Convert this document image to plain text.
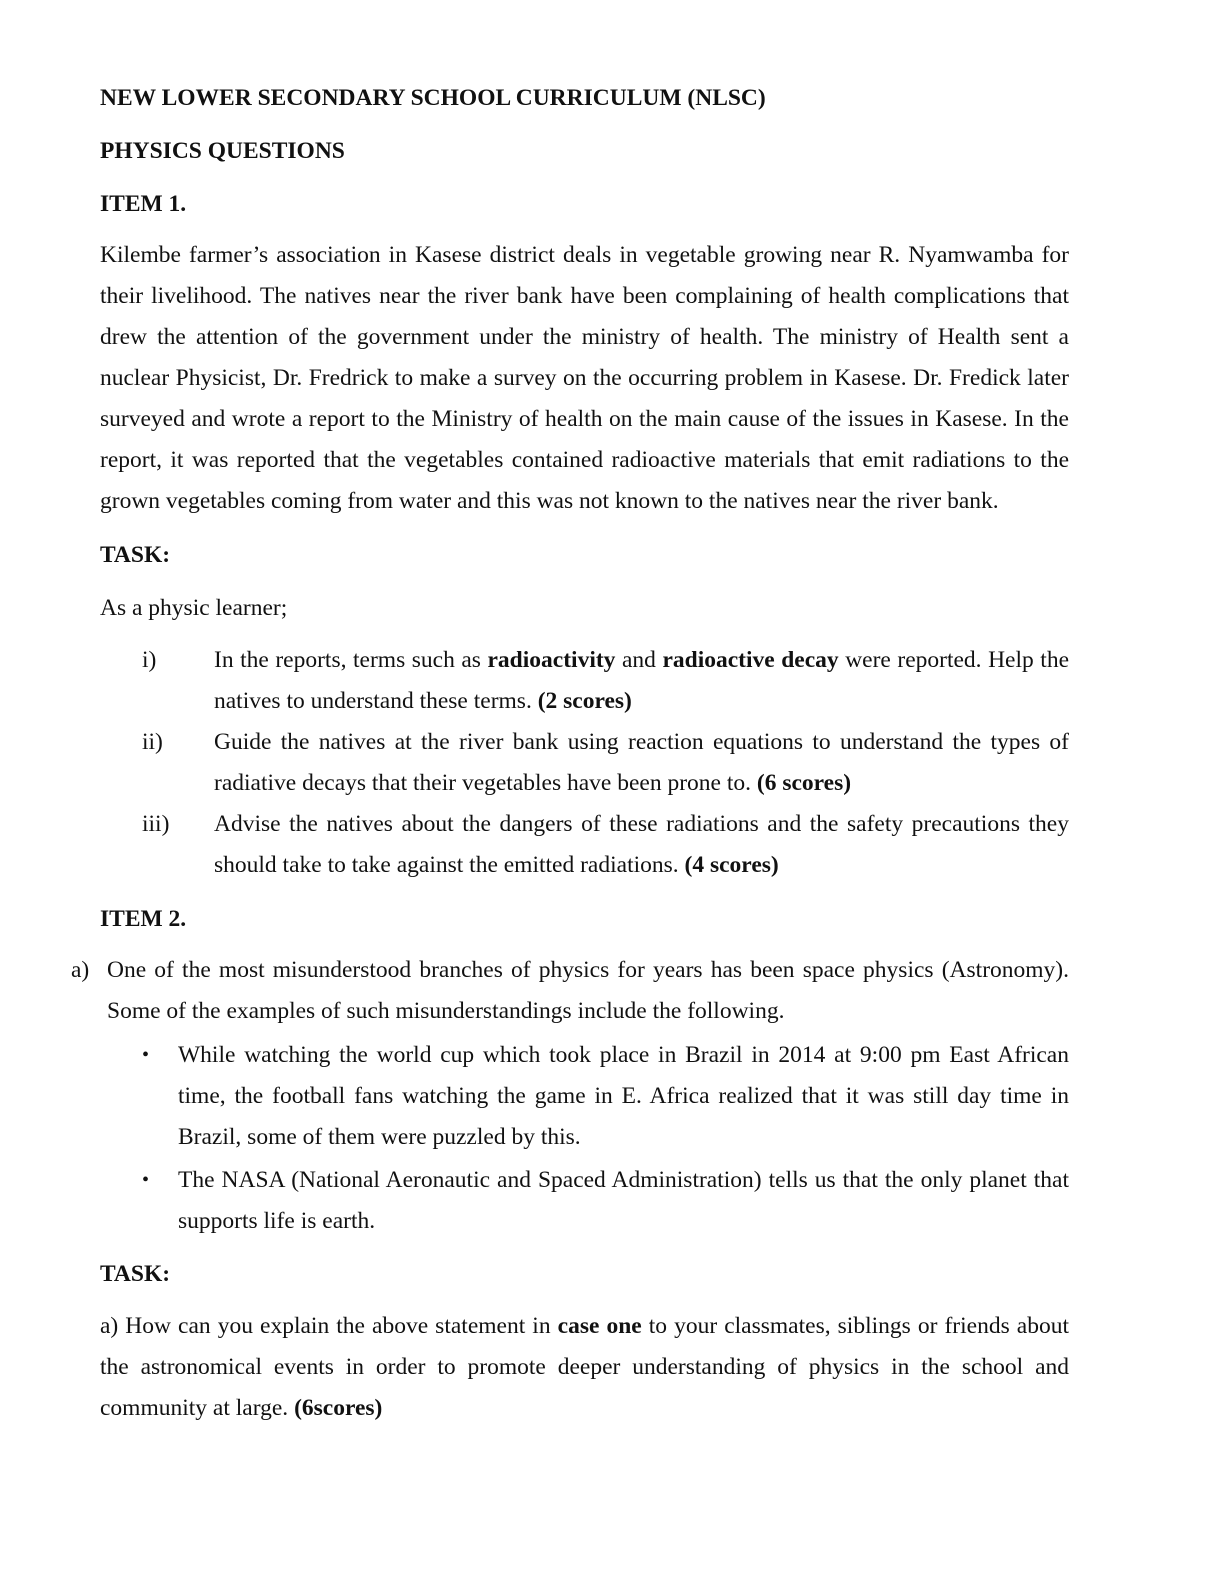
NEW LOWER SECONDARY SCHOOL CURRICULUM (NLSC)
PHYSICS QUESTIONS
ITEM 1.
Kilembe farmer’s association in Kasese district deals in vegetable growing near R. Nyamwamba for their livelihood. The natives near the river bank have been complaining of health complications that drew the attention of the government under the ministry of health. The ministry of Health sent a nuclear Physicist, Dr. Fredrick to make a survey on the occurring problem in Kasese. Dr. Fredick later surveyed and wrote a report to the Ministry of health on the main cause of the issues in Kasese. In the report, it was reported that the vegetables contained radioactive materials that emit radiations to the grown vegetables coming from water and this was not known to the natives near the river bank.
TASK:
As a physic learner;
i) In the reports, terms such as radioactivity and radioactive decay were reported. Help the natives to understand these terms. (2 scores)
ii) Guide the natives at the river bank using reaction equations to understand the types of radiative decays that their vegetables have been prone to. (6 scores)
iii) Advise the natives about the dangers of these radiations and the safety precautions they should take to take against the emitted radiations. (4 scores)
ITEM 2.
a) One of the most misunderstood branches of physics for years has been space physics (Astronomy). Some of the examples of such misunderstandings include the following.
• While watching the world cup which took place in Brazil in 2014 at 9:00 pm East African time, the football fans watching the game in E. Africa realized that it was still day time in Brazil, some of them were puzzled by this.
• The NASA (National Aeronautic and Spaced Administration) tells us that the only planet that supports life is earth.
TASK:
a) How can you explain the above statement in case one to your classmates, siblings or friends about the astronomical events in order to promote deeper understanding of physics in the school and community at large. (6scores)
